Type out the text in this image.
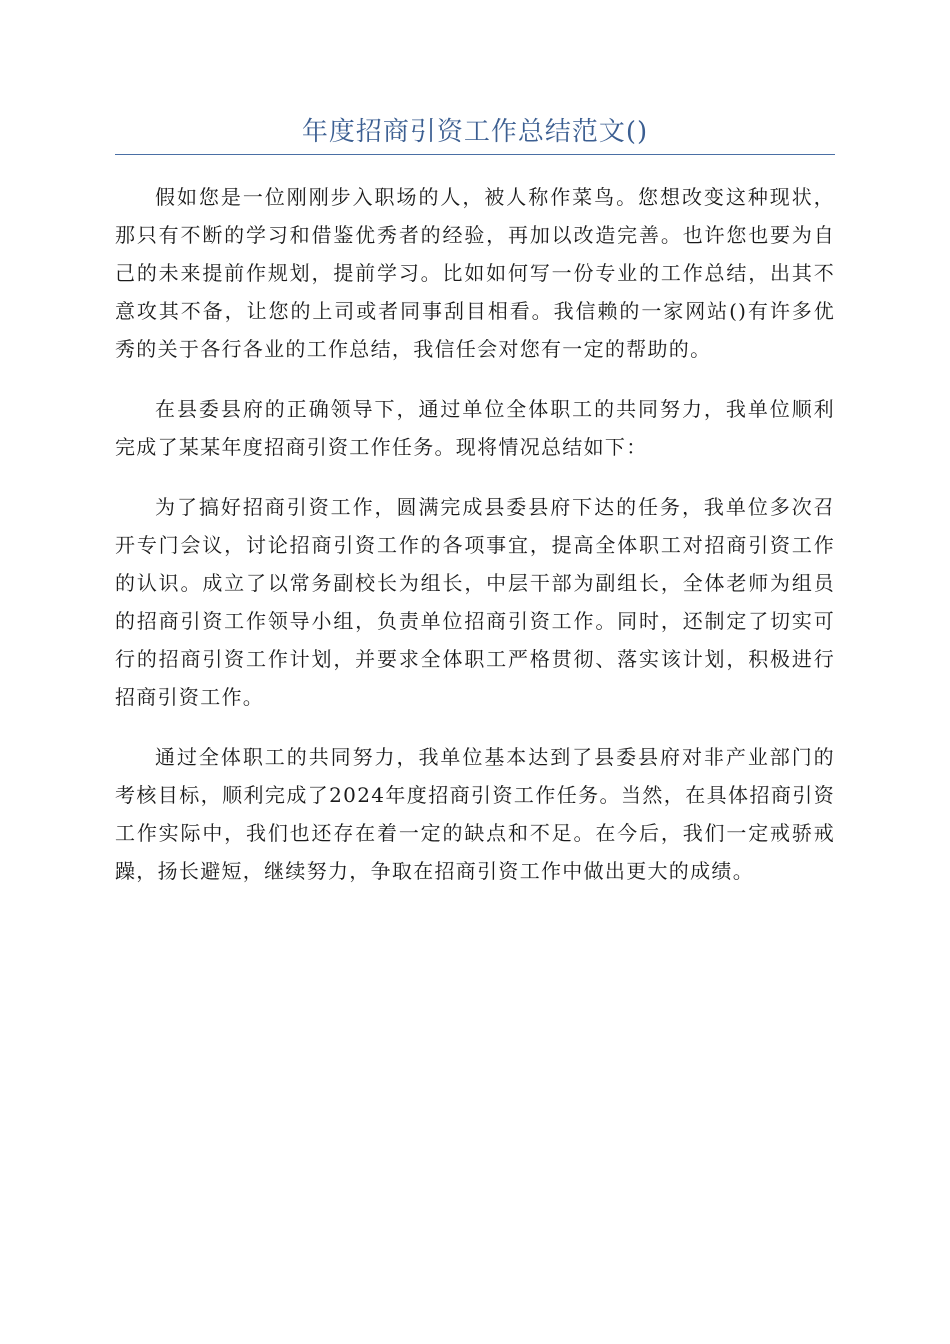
年度招商引资工作总结范文()

假如您是一位刚刚步入职场的人，被人称作菜鸟。您想改变这种现状，那只有不断的学习和借鉴优秀者的经验，再加以改造完善。也许您也要为自己的未来提前作规划，提前学习。比如如何写一份专业的工作总结，出其不意攻其不备，让您的上司或者同事刮目相看。我信赖的一家网站()有许多优秀的关于各行各业的工作总结，我信任会对您有一定的帮助的。

在县委县府的正确领导下，通过单位全体职工的共同努力，我单位顺利完成了某某年度招商引资工作任务。现将情况总结如下：

为了搞好招商引资工作，圆满完成县委县府下达的任务，我单位多次召开专门会议，讨论招商引资工作的各项事宜，提高全体职工对招商引资工作的认识。成立了以常务副校长为组长，中层干部为副组长，全体老师为组员的招商引资工作领导小组，负责单位招商引资工作。同时，还制定了切实可行的招商引资工作计划，并要求全体职工严格贯彻、落实该计划，积极进行招商引资工作。

通过全体职工的共同努力，我单位基本达到了县委县府对非产业部门的考核目标，顺利完成了2024年度招商引资工作任务。当然，在具体招商引资工作实际中，我们也还存在着一定的缺点和不足。在今后，我们一定戒骄戒躁，扬长避短，继续努力，争取在招商引资工作中做出更大的成绩。
